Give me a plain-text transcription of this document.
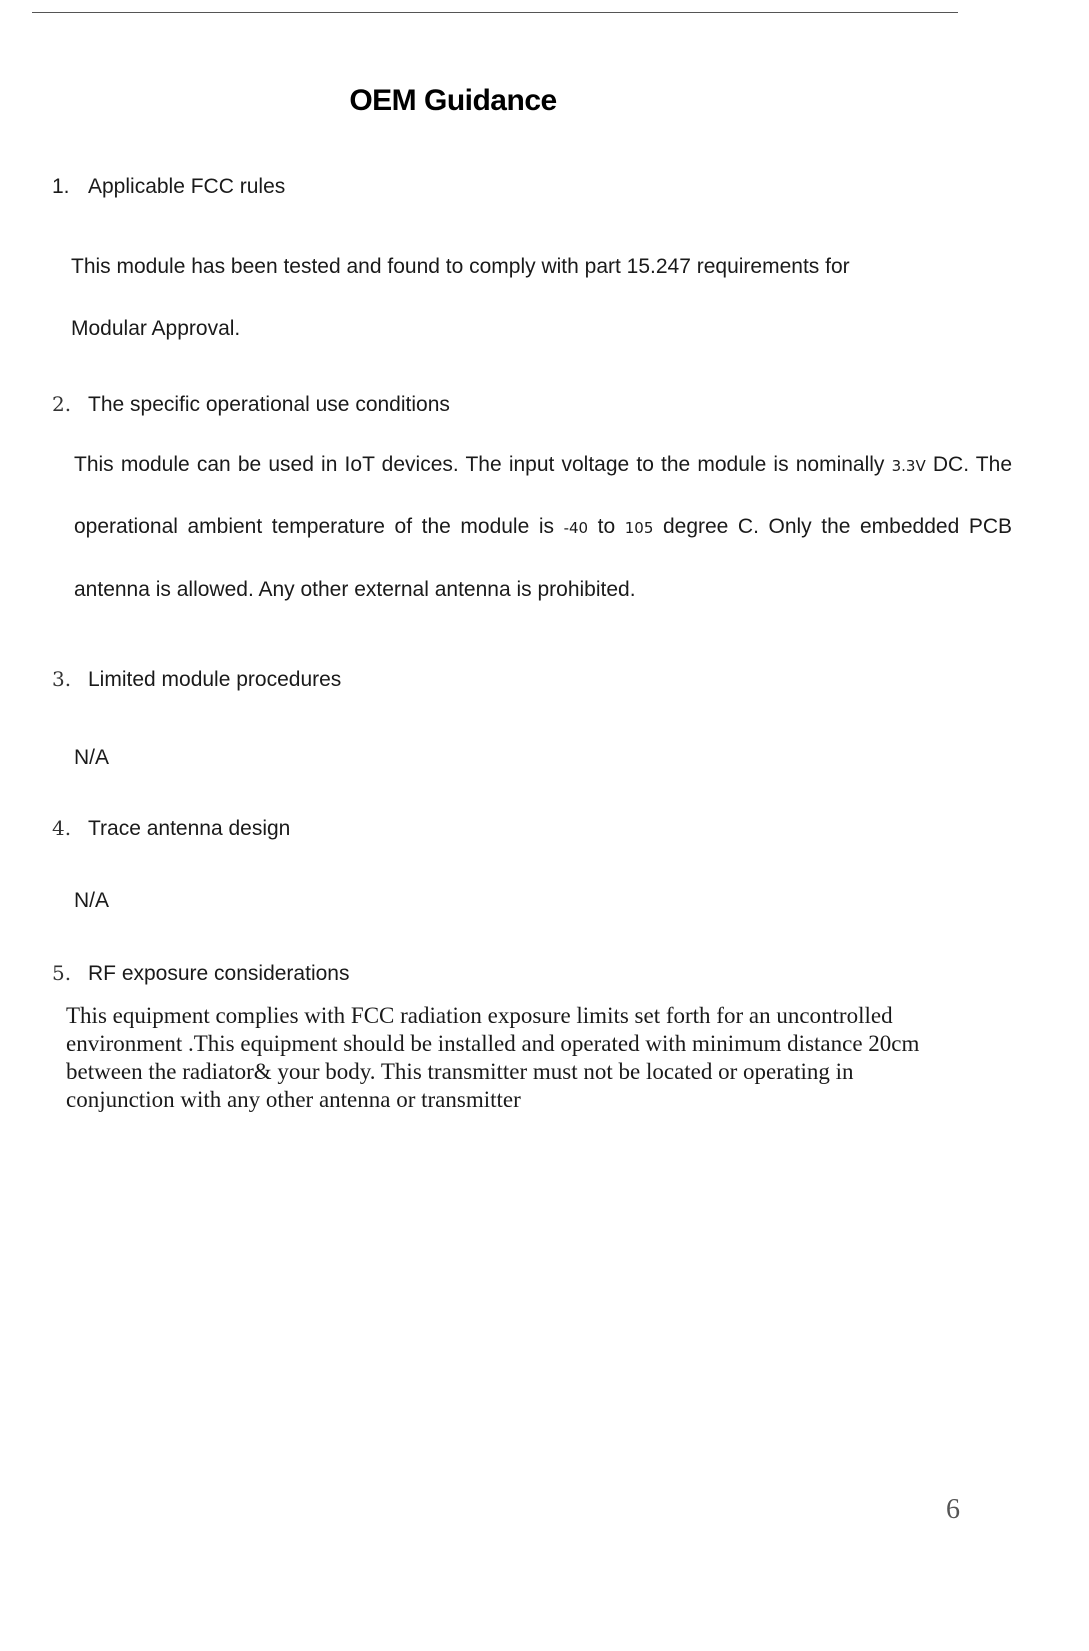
OEM Guidance
1. Applicable FCC rules
This module has been tested and found to comply with part 15.247 requirements for
Modular Approval.
2. The specific operational use conditions
This module can be used in IoT devices. The input voltage to the module is nominally 3.3V DC. The
operational ambient temperature of the module is -40 to 105 degree C. Only the embedded PCB
antenna is allowed. Any other external antenna is prohibited.
3. Limited module procedures
N/A
4. Trace antenna design
N/A
5. RF exposure considerations
This equipment complies with FCC radiation exposure limits set forth for an uncontrolled
environment .This equipment should be installed and operated with minimum distance 20cm
between the radiator& your body. This transmitter must not be located or operating in
conjunction with any other antenna or transmitter
6
